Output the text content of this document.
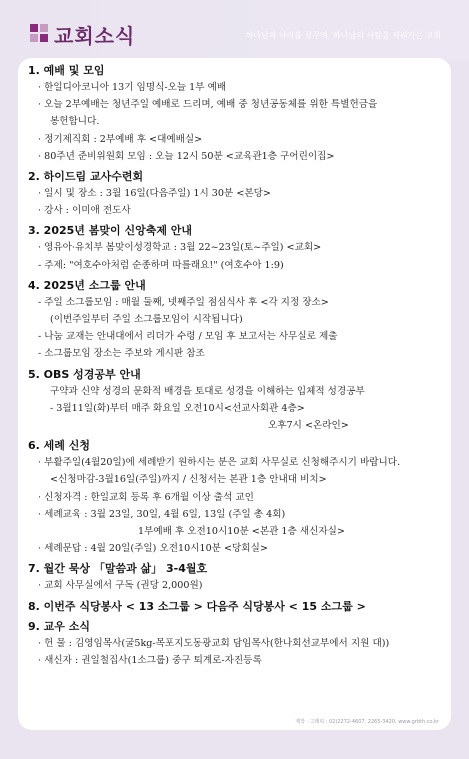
교회소식	하나님의 나라를 꿈꾸며, 하나님의 사람을 세워가는 교회
1. 예배 및 모임
· 한일디아코니아 13기 임명식-오늘 1부 예배
· 오늘 2부예배는 청년주일 예배로 드리며, 예배 중 청년공동체를 위한 특별헌금을
봉헌합니다.
· 정기제직회 : 2부예배 후 <대예배실>
· 80주년 준비위원회 모임 : 오늘 12시 50분 <교육관1층 구어린이집>
2. 하이드림 교사수련회
· 일시 및 장소 : 3월 16일(다음주일) 1시 30분 <본당>
· 강사 : 이미애 전도사
3. 2025년 봄맞이 신앙축제 안내
· 영유아·유치부 봄맞이성경학교 : 3월 22~23일(토~주일) <교회>
- 주제: "여호수아처럼 순종하며 따를래요!" (여호수아 1:9)
4. 2025년 소그룹 안내
- 주일 소그룹모임 : 매월 둘째, 넷째주일 점심식사 후 <각 지정 장소>
(이번주일부터 주일 소그룹모임이 시작됩니다)
- 나눔 교재는 안내대에서 리더가 수령 / 모임 후 보고서는 사무실로 제출
- 소그룹모임 장소는 주보와 게시판 참조
5. OBS 성경공부 안내
구약과 신약 성경의 문화적 배경을 토대로 성경을 이해하는 입체적 성경공부
- 3월11일(화)부터 매주 화요일 오전10시<선교사회관 4층>
오후7시 <온라인>
6. 세례 신청
· 부활주일(4월20일)에 세례받기 원하시는 분은 교회 사무실로 신청해주시기 바랍니다.
<신청마감-3월16일(주일)까지 / 신청서는 본관 1층 안내대 비치>
· 신청자격 : 한일교회 등록 후 6개월 이상 출석 교인
· 세례교육 : 3월 23일, 30일, 4월 6일, 13일 (주일 총 4회)
1부예배 후 오전10시10분 <본관 1층 새신자실>
· 세례문답 : 4월 20일(주일) 오전10시10분 <당회실>
7. 월간 묵상 「말씀과 삶」 3-4월호
· 교회 사무실에서 구독 (권당 2,000원)
8. 이번주 식당봉사 < 13 소그룹 > 다음주 식당봉사 < 15 소그룹 >
9. 교우 소식
· 헌 물 : 김영임목사(굴5kg-목포지도동광교회 담임목사(한나회선교부에서 지원 대))
· 새신자 : 권일철집사(1소그룹) 중구 퇴계로-자진등록
제작 · 그래픽 : 02)2272-4607, 2265-3420, www.grbth.co.kr
